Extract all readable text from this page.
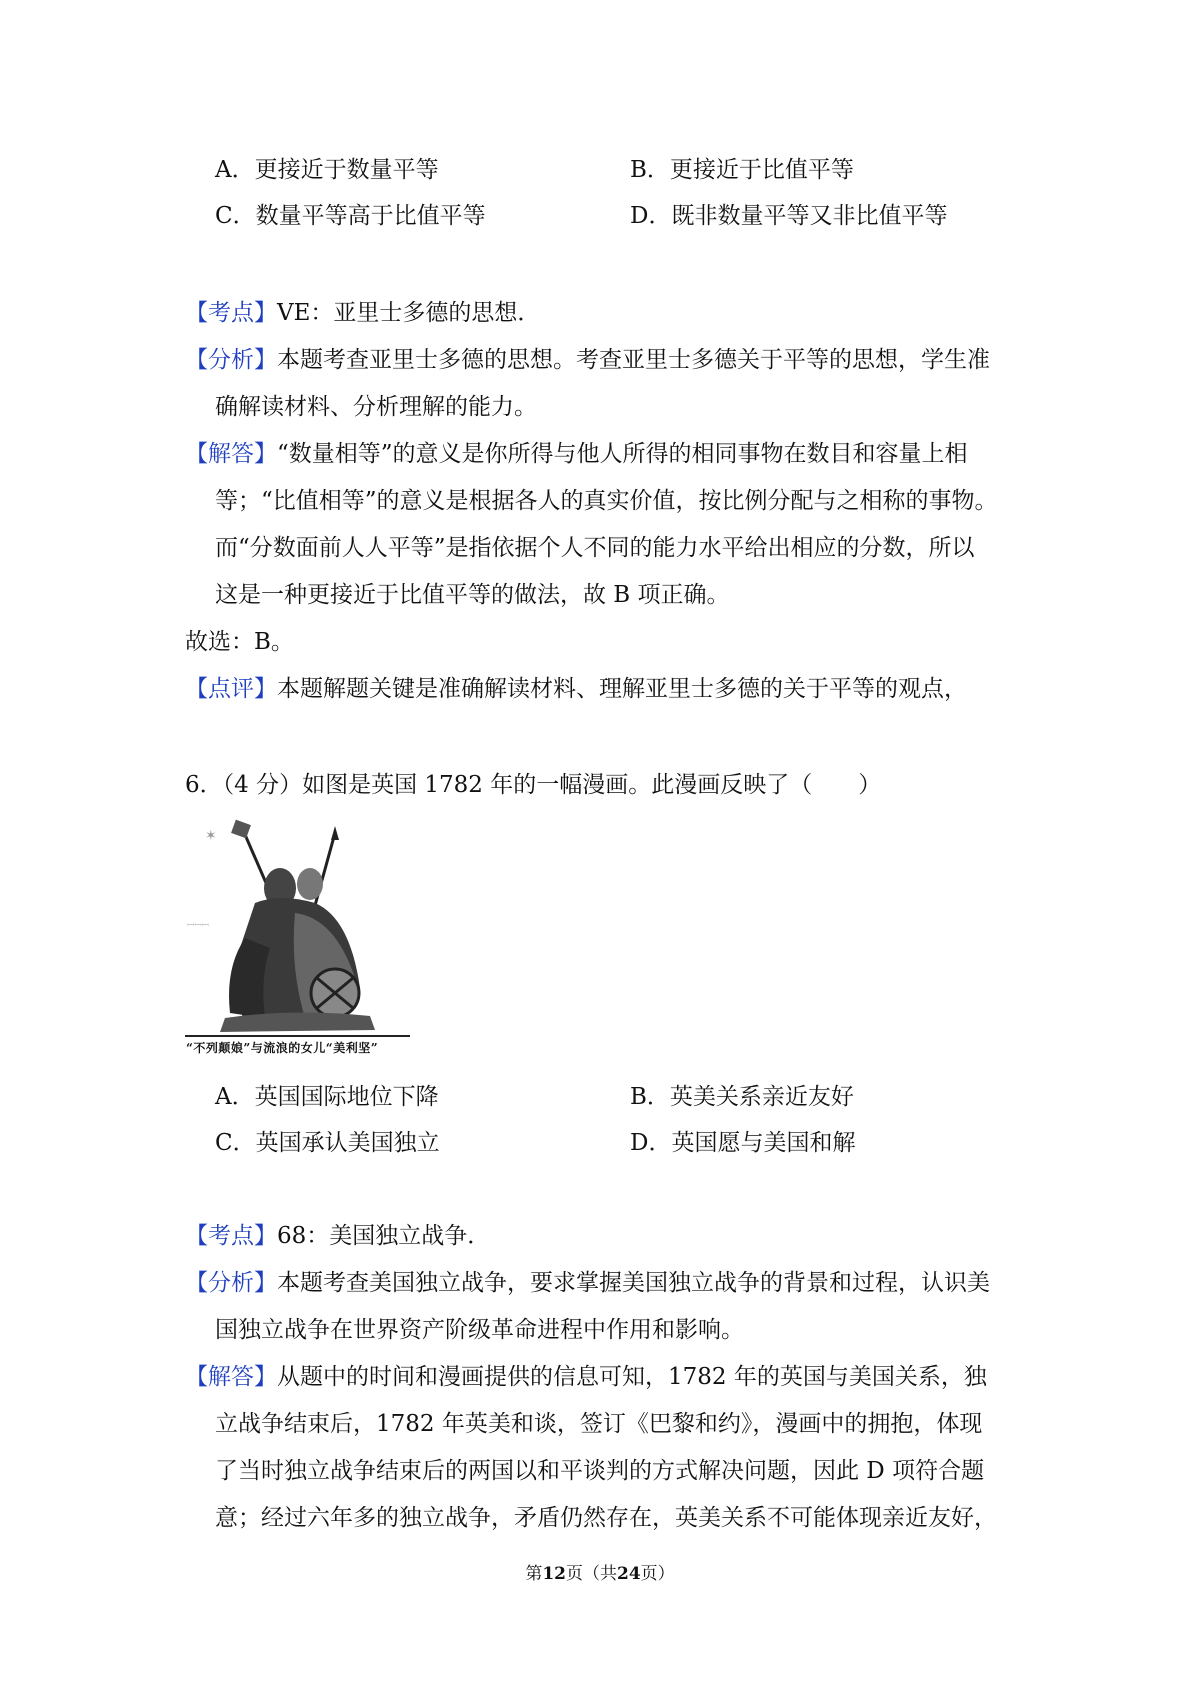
A．更接近于数量平等	B．更接近于比值平等
C．数量平等高于比值平等	D．既非数量平等又非比值平等
【考点】VE：亚里士多德的思想．
【分析】本题考查亚里士多德的思想。考查亚里士多德关于平等的思想，学生准
确解读材料、分析理解的能力。
【解答】“数量相等”的意义是你所得与他人所得的相同事物在数目和容量上相
等；“比值相等”的意义是根据各人的真实价值，按比例分配与之相称的事物。
而“分数面前人人平等”是指依据个人不同的能力水平给出相应的分数，所以
这是一种更接近于比值平等的做法，故 B 项正确。
故选：B。
【点评】本题解题关键是准确解读材料、理解亚里士多德的关于平等的观点，
6．（4 分）如图是英国 1782 年的一幅漫画。此漫画反映了（　　）
✶
ꟷꟷꟷ
“不列颠娘”与流浪的女儿“美利坚”
A．英国国际地位下降	B．英美关系亲近友好
C．英国承认美国独立	D．英国愿与美国和解
【考点】68：美国独立战争．
【分析】本题考查美国独立战争，要求掌握美国独立战争的背景和过程，认识美
国独立战争在世界资产阶级革命进程中作用和影响。
【解答】从题中的时间和漫画提供的信息可知，1782 年的英国与美国关系，独
立战争结束后，1782 年英美和谈，签订《巴黎和约》，漫画中的拥抱，体现
了当时独立战争结束后的两国以和平谈判的方式解决问题，因此 D 项符合题
意；经过六年多的独立战争，矛盾仍然存在，英美关系不可能体现亲近友好，
第12页（共24页）
